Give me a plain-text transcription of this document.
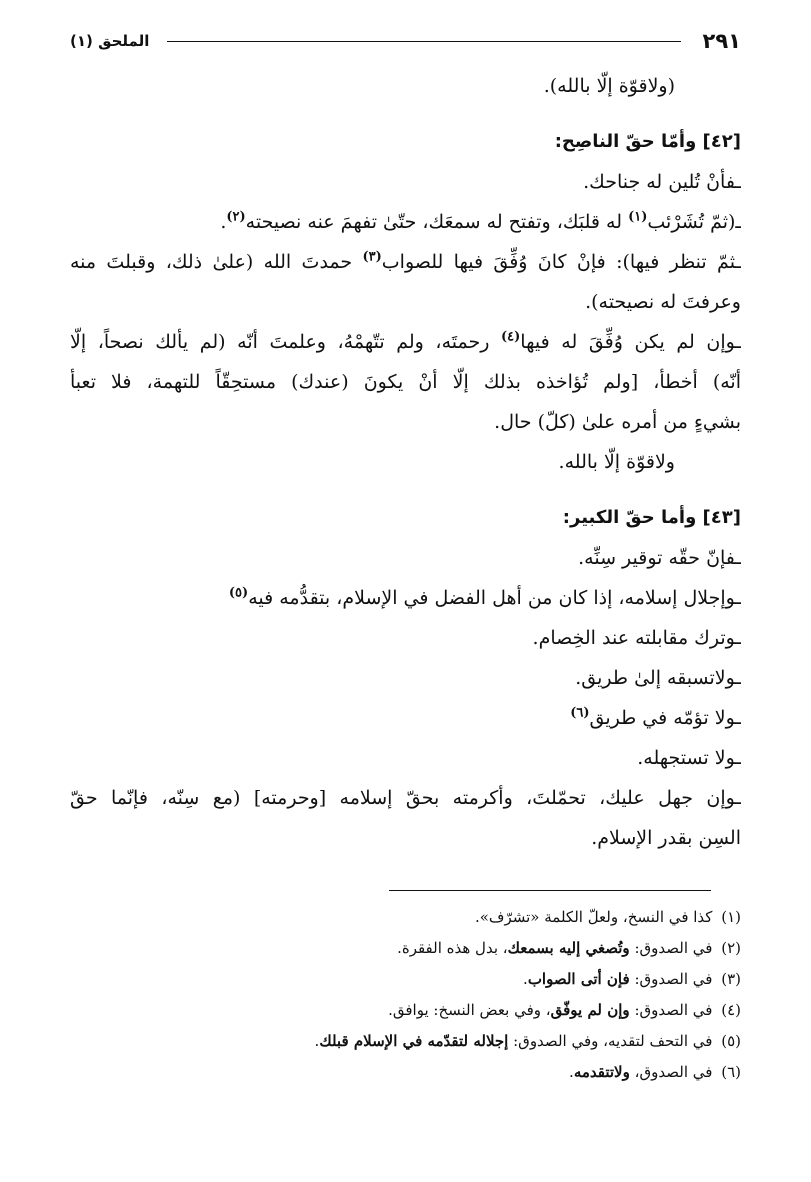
٢٩١
الملحق (١)
(ولاقوّة إلّا بالله).
[٤٢] وأمّا حقّ الناصِح:
ـفأنْ تُلين له جناحك.
ـ(ثمّ تُشَرْئب$^{(١)}$ له قلبَك، وتفتح له سمعَك، حتّىٰ تفهمَ عنه نصيحته$^{(٢)}$.
ـثمّ تنظر فيها): فإنْ كانَ وُفِّقَ فيها للصواب$^{(٣)}$ حمدتَ الله (علىٰ ذلك، وقبلتَ منه
وعرفتَ له نصيحته).
ـوإن لم يكن وُفِّقَ له فيها$^{(٤)}$ رحمتَه، ولم تتّهمْهُ، وعلمتَ أنّه (لم يألك نصحاً، إلّا
أنّه) أخطأ، [ولم تُؤاخذه بذلك إلّا أنْ يكونَ (عندك) مستحِقّاً للتهمة، فلا تعبأ
بشيءٍ من أمره علىٰ (كلّ) حال.
ولاقوّة إلّا بالله.
[٤٣] وأما حقّ الكبير:
ـفإنّ حقّه توقير سِنِّه.
ـوإجلال إسلامه، إذا كان من أهل الفضل في الإسلام، بتقدُّمه فيه$^{(٥)}$
ـوترك مقابلته عند الخِصام.
ـولاتسبقه إلىٰ طريق.
ـولا تؤمّه في طريق$^{(٦)}$
ـولا تستجهله.
ـوإن جهل عليك، تحمّلتَ، وأكرمته بحقّ إسلامه [وحرمته] (مع سِنّه، فإنّما حقّ
السِن بقدر الإسلام.
(١) كذا في النسخ، ولعلّ الكلمة «تشرّف».
(٢) في الصدوق: وتُصغي إليه بسمعك، بدل هذه الفقرة.
(٣) في الصدوق: فإن أتى الصواب.
(٤) في الصدوق: وإن لم يوفّق، وفي بعض النسخ: يوافق.
(٥) في التحف لتقديه، وفي الصدوق: إجلاله لتقدّمه في الإسلام قبلك.
(٦) في الصدوق، ولاتتقدمه.
